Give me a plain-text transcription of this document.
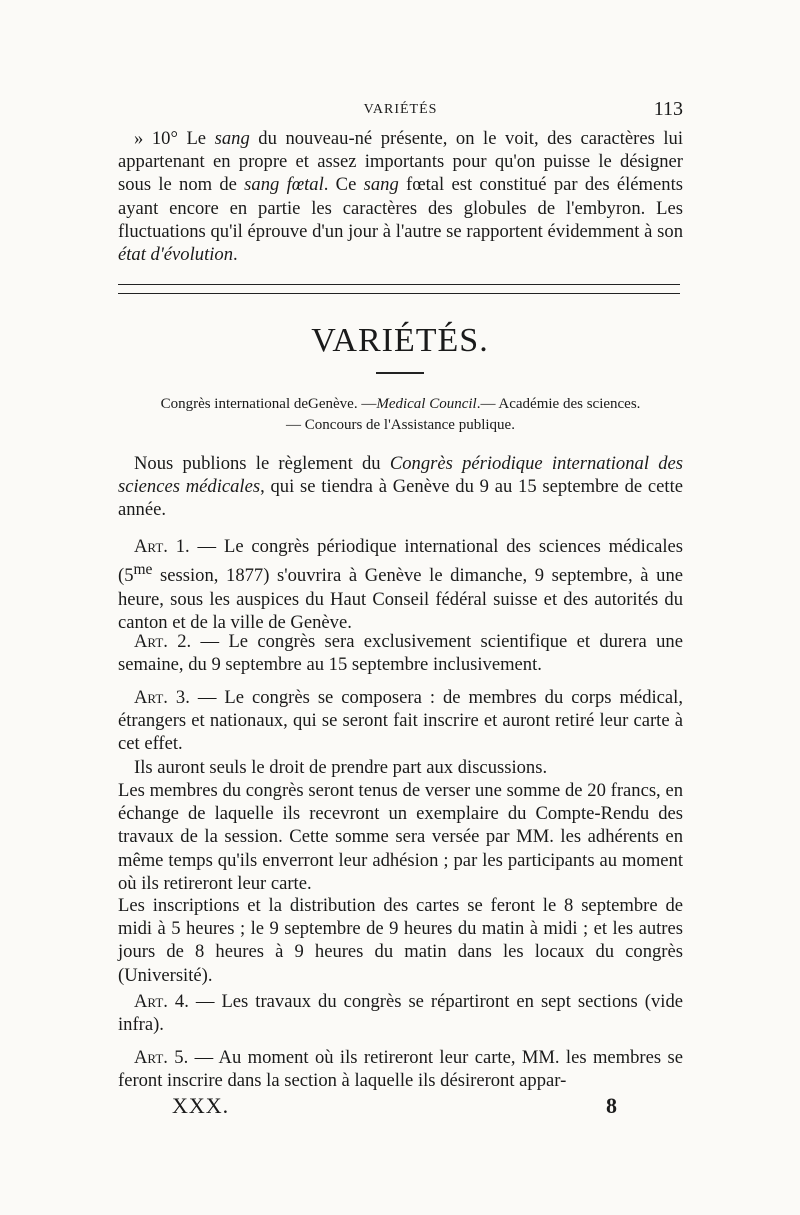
VARIÉTÉS	113

» 10° Le sang du nouveau-né présente, on le voit, des caractères lui appartenant en propre et assez importants pour qu'on puisse le désigner sous le nom de sang fœtal. Ce sang fœtal est constitué par des éléments ayant encore en partie les caractères des globules de l'embyron. Les fluctuations qu'il éprouve d'un jour à l'autre se rapportent évidemment à son état d'évolution.

VARIÉTÉS.
Congrès international deGenève. —Medical Council.— Académie des sciences.
— Concours de l'Assistance publique.

Nous publions le règlement du Congrès périodique international des sciences médicales, qui se tiendra à Genève du 9 au 15 septembre de cette année.

Art. 1. — Le congrès périodique international des sciences médicales ($5^{me}$ session, 1877) s'ouvrira à Genève le dimanche, 9 septembre, à une heure, sous les auspices du Haut Conseil fédéral suisse et des autorités du canton et de la ville de Genève.

Art. 2. — Le congrès sera exclusivement scientifique et durera une semaine, du 9 septembre au 15 septembre inclusivement.

Art. 3. — Le congrès se composera : de membres du corps médical, étrangers et nationaux, qui se seront fait inscrire et auront retiré leur carte à cet effet.

Ils auront seuls le droit de prendre part aux discussions.

Les membres du congrès seront tenus de verser une somme de 20 francs, en échange de laquelle ils recevront un exemplaire du Compte-Rendu des travaux de la session. Cette somme sera versée par MM. les adhérents en même temps qu'ils enverront leur adhésion ; par les participants au moment où ils retireront leur carte.

Les inscriptions et la distribution des cartes se feront le 8 septembre de midi à 5 heures ; le 9 septembre de 9 heures du matin à midi ; et les autres jours de 8 heures à 9 heures du matin dans les locaux du congrès (Université).

Art. 4. — Les travaux du congrès se répartiront en sept sections (vide infra).

Art. 5. — Au moment où ils retireront leur carte, MM. les membres se feront inscrire dans la section à laquelle ils désireront appar-

XXX.	8
